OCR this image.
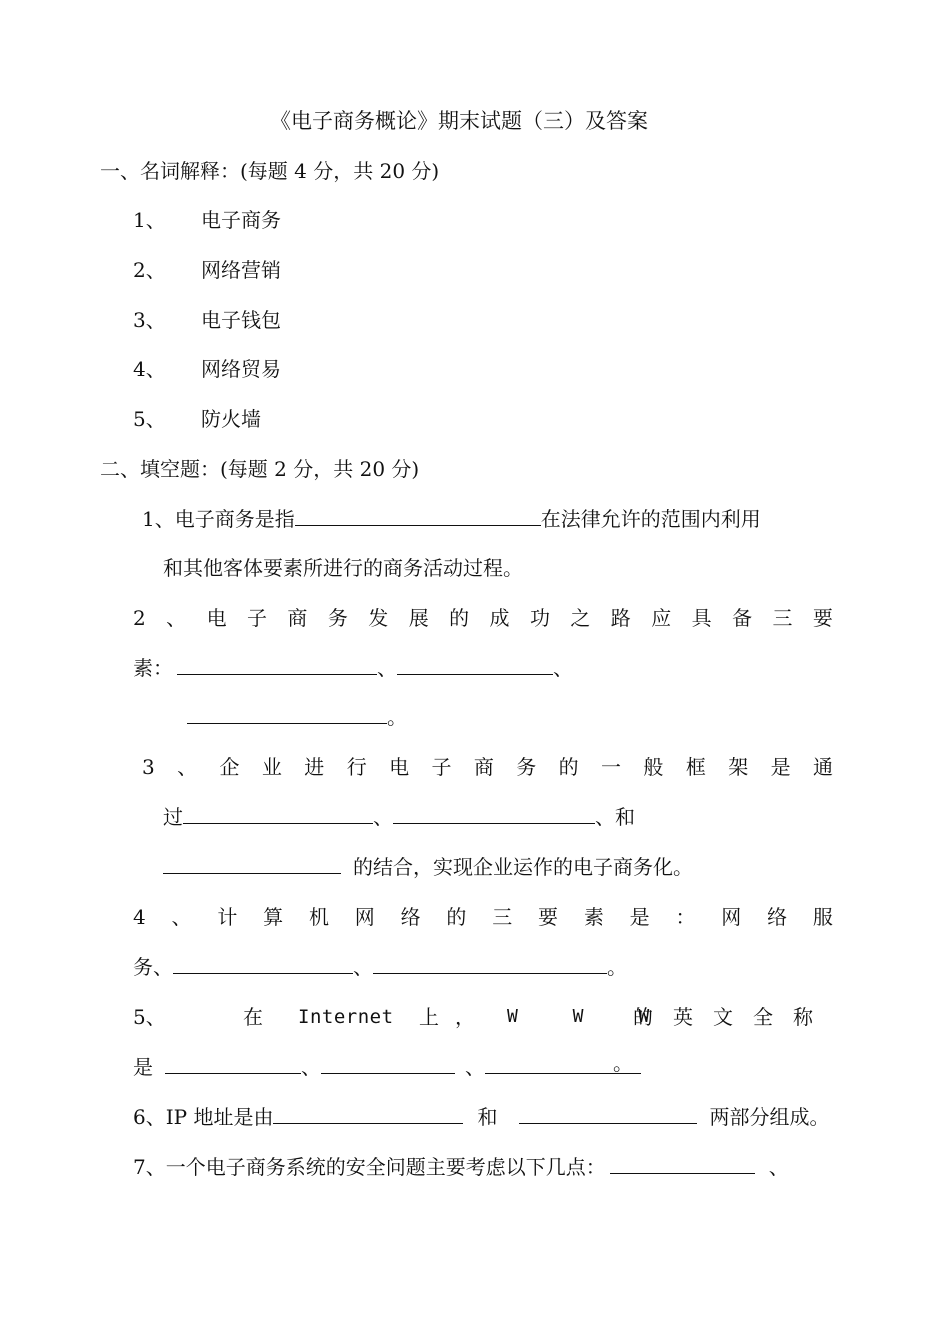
《电子商务概论》期末试题（三）及答案
一、名词解释：(每题 4 分，共 20 分)
1、 电子商务
2、 网络营销
3、 电子钱包
4、 网络贸易
5、 防火墙
二、填空题：(每题 2 分，共 20 分)
1、电子商务是指	在法律允许的范围内利用
和其他客体要素所进行的商务活动过程。
2 、 电 子 商 务 发 展 的 成 功 之 路 应 具 备 三 要
素：	、	、
。
3 、 企 业 进 行 电 子 商 务 的 一 般 框 架 是 通
过	、	、和
的结合，实现企业运作的电子商务化。
4 、 计 算 机 网 络 的 三 要 素 是 ： 网 络 服
务、	、	。
5、	在 Internet 上， W W W
的英文全称
是	、	、	。
6、IP 地址是由	和	两部分组成。
7、一个电子商务系统的安全问题主要考虑以下几点：	、
